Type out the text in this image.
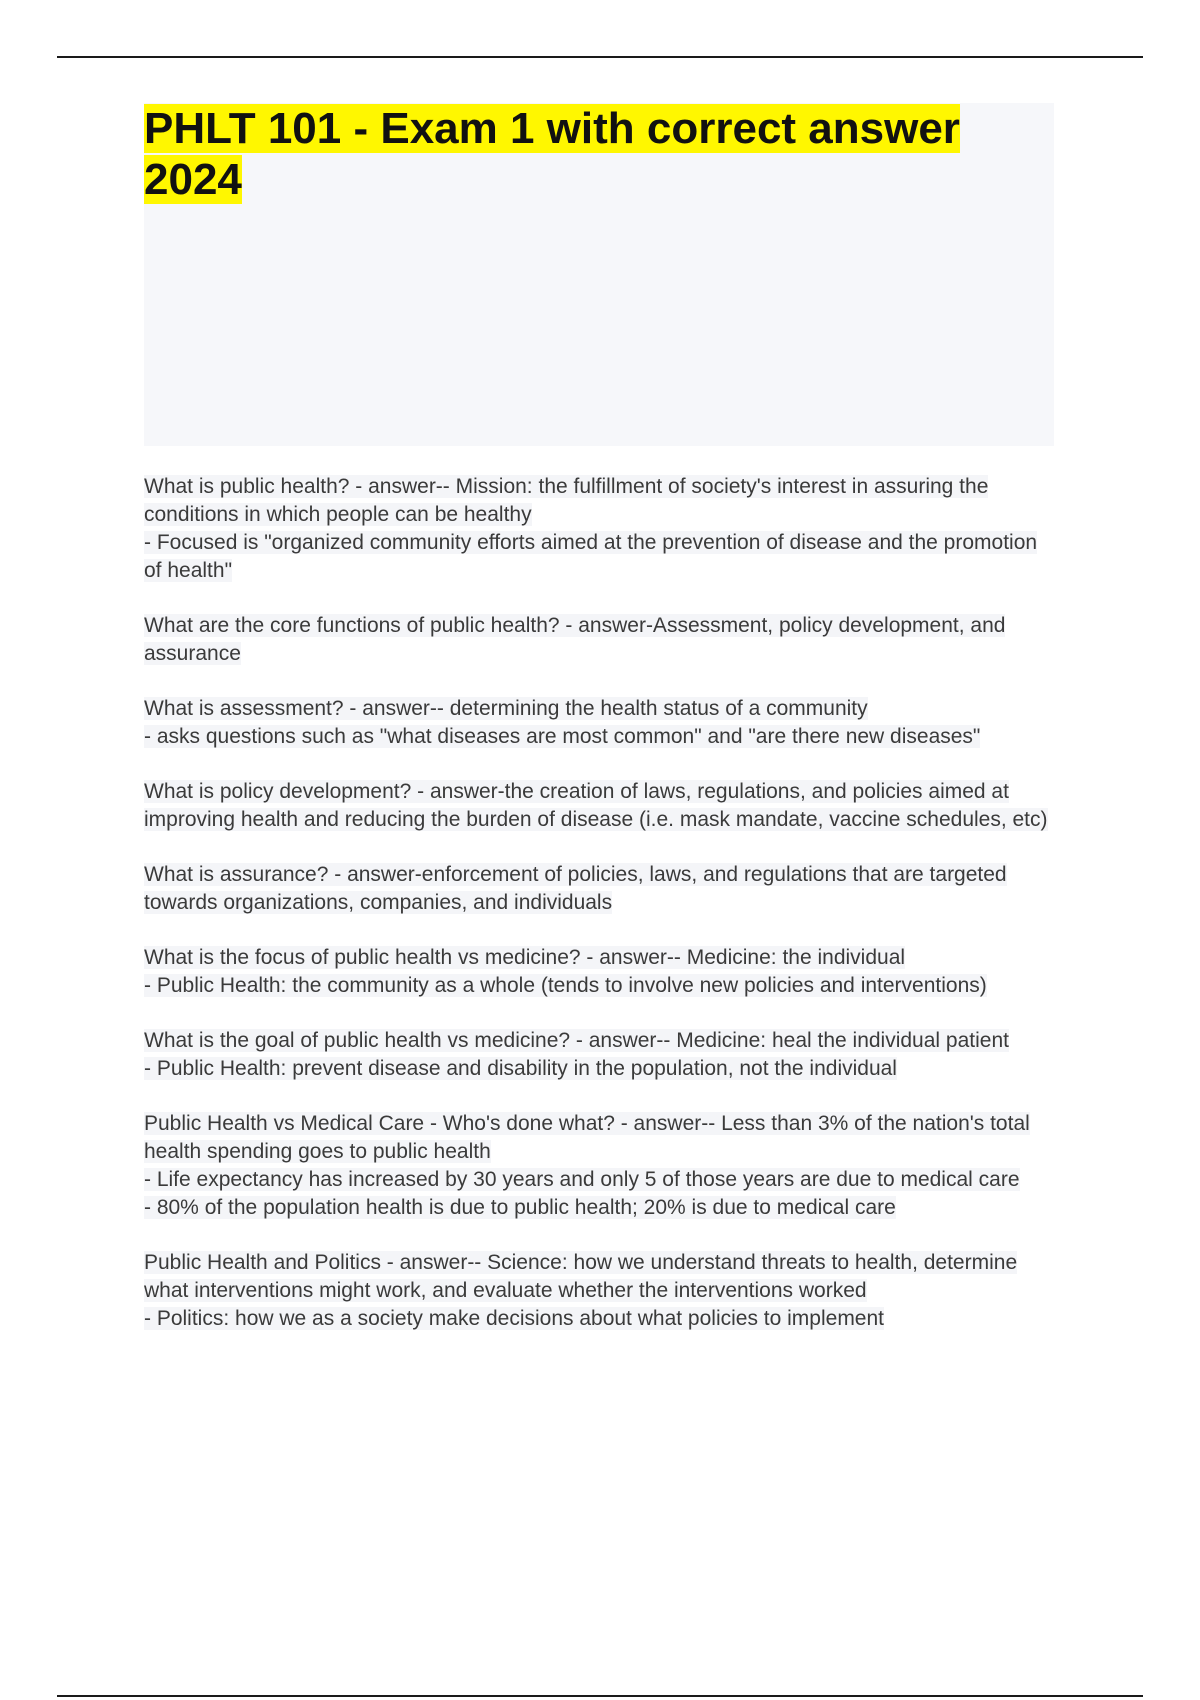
PHLT 101 - Exam 1 with correct answer 2024

What is public health? - answer-- Mission: the fulfillment of society's interest in assuring the conditions in which people can be healthy

- Focused is "organized community efforts aimed at the prevention of disease and the promotion of health"

What are the core functions of public health? - answer-Assessment, policy development, and assurance

What is assessment? - answer-- determining the health status of a community

- asks questions such as "what diseases are most common" and "are there new diseases"

What is policy development? - answer-the creation of laws, regulations, and policies aimed at improving health and reducing the burden of disease (i.e. mask mandate, vaccine schedules, etc)

What is assurance? - answer-enforcement of policies, laws, and regulations that are targeted towards organizations, companies, and individuals

What is the focus of public health vs medicine? - answer-- Medicine: the individual

- Public Health: the community as a whole (tends to involve new policies and interventions)

What is the goal of public health vs medicine? - answer-- Medicine: heal the individual patient

- Public Health: prevent disease and disability in the population, not the individual

Public Health vs Medical Care - Who's done what? - answer-- Less than 3% of the nation's total health spending goes to public health

- Life expectancy has increased by 30 years and only 5 of those years are due to medical care

- 80% of the population health is due to public health; 20% is due to medical care

Public Health and Politics - answer-- Science: how we understand threats to health, determine what interventions might work, and evaluate whether the interventions worked

- Politics: how we as a society make decisions about what policies to implement
